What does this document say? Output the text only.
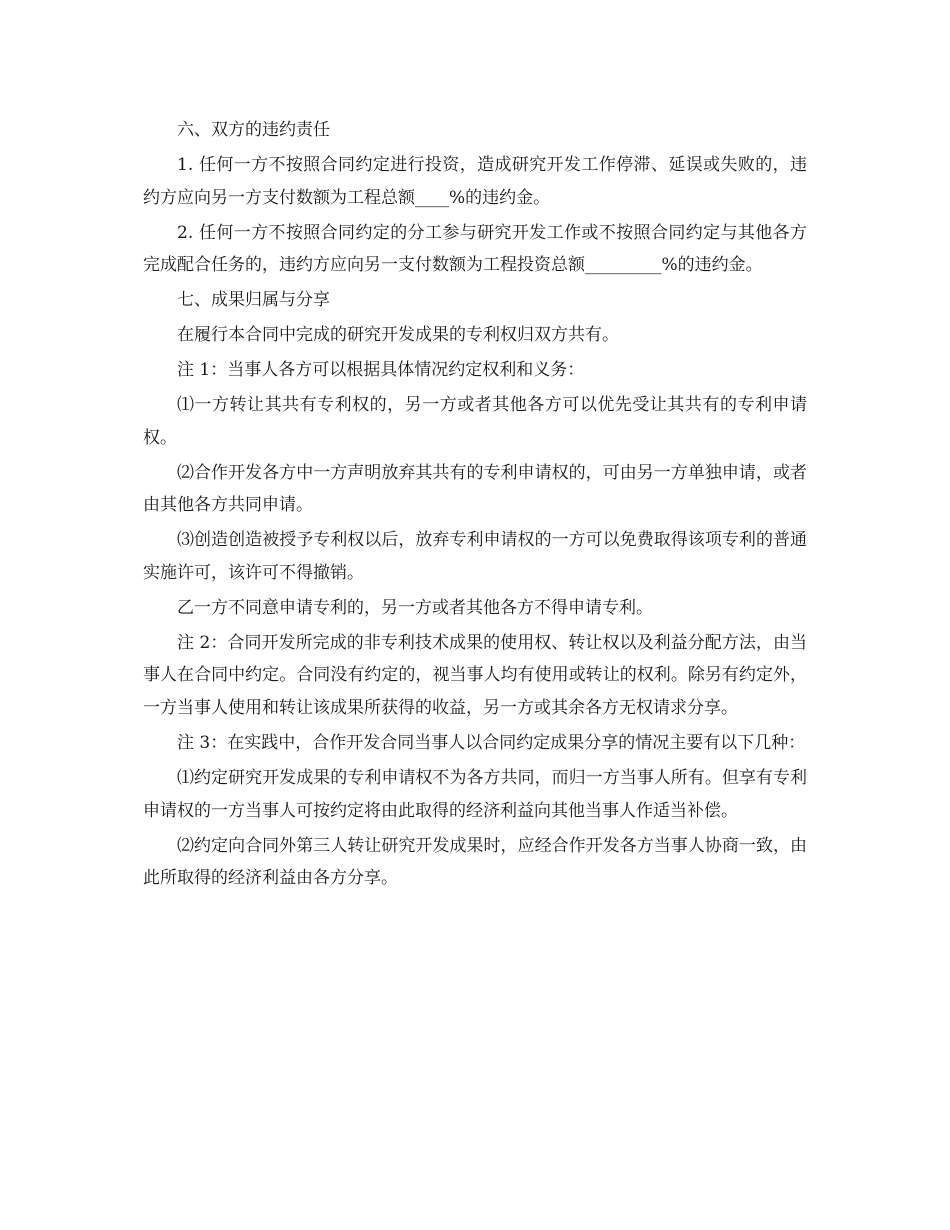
六、双方的违约责任

1. 任何一方不按照合同约定进行投资，造成研究开发工作停滞、延误或失败的，违约方应向另一方支付数额为工程总额____%的违约金。

2. 任何一方不按照合同约定的分工参与研究开发工作或不按照合同约定与其他各方完成配合任务的，违约方应向另一支付数额为工程投资总额_________%的违约金。

七、成果归属与分享

在履行本合同中完成的研究开发成果的专利权归双方共有。

注 1：当事人各方可以根据具体情况约定权利和义务：

⑴一方转让其共有专利权的，另一方或者其他各方可以优先受让其共有的专利申请权。

⑵合作开发各方中一方声明放弃其共有的专利申请权的，可由另一方单独申请，或者由其他各方共同申请。

⑶创造创造被授予专利权以后，放弃专利申请权的一方可以免费取得该项专利的普通实施许可，该许可不得撤销。

乙一方不同意申请专利的，另一方或者其他各方不得申请专利。

注 2：合同开发所完成的非专利技术成果的使用权、转让权以及利益分配方法，由当事人在合同中约定。合同没有约定的，视当事人均有使用或转让的权利。除另有约定外，一方当事人使用和转让该成果所获得的收益，另一方或其余各方无权请求分享。

注 3：在实践中，合作开发合同当事人以合同约定成果分享的情况主要有以下几种：

⑴约定研究开发成果的专利申请权不为各方共同，而归一方当事人所有。但享有专利申请权的一方当事人可按约定将由此取得的经济利益向其他当事人作适当补偿。

⑵约定向合同外第三人转让研究开发成果时，应经合作开发各方当事人协商一致，由此所取得的经济利益由各方分享。
